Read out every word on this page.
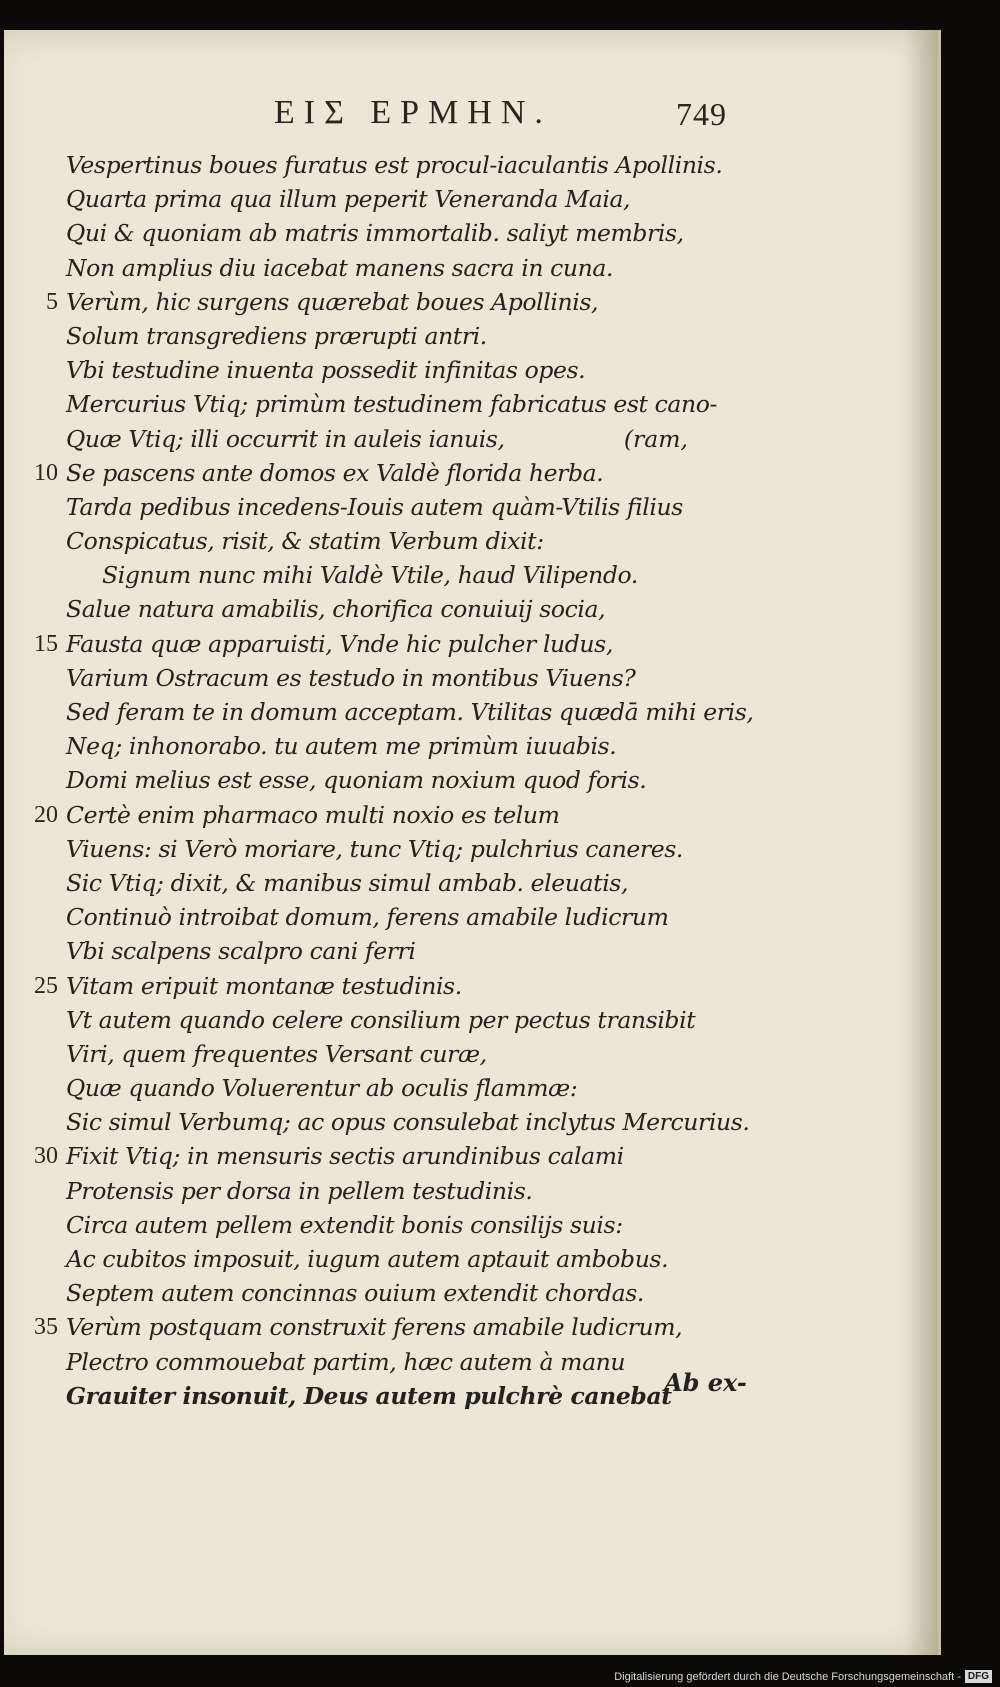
ΕΙΣ ΕΡΜΗΝ.	749
Vespertinus boues furatus est procul-iaculantis Apollinis.
Quarta prima qua illum peperit Veneranda Maia,
Qui & quoniam ab matris immortalib. saliyt membris,
Non amplius diu iacebat manens sacra in cuna.
5 Verùm, hic surgens quærebat boues Apollinis,
Solum transgrediens prærupti antri.
Vbi testudine inuenta possedit infinitas opes.
Mercurius Vtiq; primùm testudinem fabricatus est cano-
Quæ Vtiq; illi occurrit in auleis ianuis,	(ram,
10 Se pascens ante domos ex Valdè florida herba.
Tarda pedibus incedens-Iouis autem quàm-Vtilis filius
Conspicatus, risit, & statim Verbum dixit:
Signum nunc mihi Valdè Vtile, haud Vilipendo.
Salue natura amabilis, chorifica conuiuij socia,
15 Fausta quæ apparuisti, Vnde hic pulcher ludus,
Varium Ostracum es testudo in montibus Viuens?
Sed feram te in domum acceptam. Vtilitas quædā mihi eris,
Neq; inhonorabo. tu autem me primùm iuuabis.
Domi melius est esse, quoniam noxium quod foris.
20 Certè enim pharmaco multi noxio es telum
Viuens: si Verò moriare, tunc Vtiq; pulchrius caneres.
Sic Vtiq; dixit, & manibus simul ambab. eleuatis,
Continuò introibat domum, ferens amabile ludicrum
Vbi scalpens scalpro cani ferri
25 Vitam eripuit montanæ testudinis.
Vt autem quando celere consilium per pectus transibit
Viri, quem frequentes Versant curæ,
Quæ quando Voluerentur ab oculis flammæ:
Sic simul Verbumq; ac opus consulebat inclytus Mercurius.
30 Fixit Vtiq; in mensuris sectis arundinibus calami
Protensis per dorsa in pellem testudinis.
Circa autem pellem extendit bonis consilijs suis:
Ac cubitos imposuit, iugum autem aptauit ambobus.
Septem autem concinnas ouium extendit chordas.
35 Verùm postquam construxit ferens amabile ludicrum,
Plectro commouebat partim, hæc autem à manu
Grauiter insonuit, Deus autem pulchrè canebat
Ab ex-
Digitalisierung gefördert durch die Deutsche Forschungsgemeinschaft - DFG
